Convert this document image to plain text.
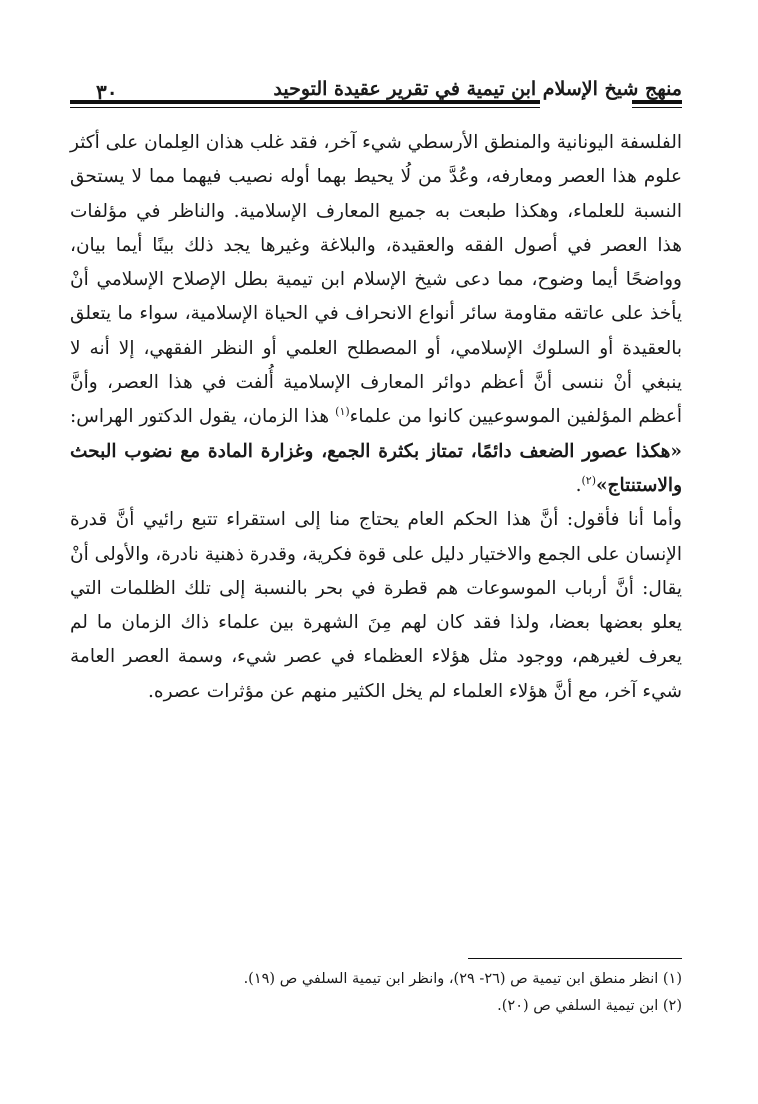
منهج شيخ الإسلام ابن تيمية في تقرير عقيدة التوحيد
٣٠

الفلسفة اليونانية والمنطق الأرسطي شيء آخر، فقد غلب هذان العِلمان على أكثر علوم هذا العصر ومعارفه، وعُدَّ من لُا يحيط بهما أوله نصيب فيهما مما لا يستحق النسبة للعلماء، وهكذا طبعت به جميع المعارف الإسلامية. والناظر في مؤلفات هذا العصر في أصول الفقه والعقيدة، والبلاغة وغيرها يجد ذلك بينًا أيما بيان، وواضحًا أيما وضوح، مما دعى شيخ الإسلام ابن تيمية بطل الإصلاح الإسلامي أنْ يأخذ على عاتقه مقاومة سائر أنواع الانحراف في الحياة الإسلامية، سواء ما يتعلق بالعقيدة أو السلوك الإسلامي، أو المصطلح العلمي أو النظر الفقهي، إلا أنه لا ينبغي أنْ ننسى أنَّ أعظم دوائر المعارف الإسلامية أُلفت في هذا العصر، وأنَّ أعظم المؤلفين الموسوعيين كانوا من علماء$^{(١)}$ هذا الزمان، يقول الدكتور الهراس: «هكذا عصور الضعف دائمًا، تمتاز بكثرة الجمع، وغزارة المادة مع نضوب البحث والاستنتاج»$^{(٢)}$.

وأما أنا فأقول: أنَّ هذا الحكم العام يحتاج منا إلى استقراء تتبع رائيي أنَّ قدرة الإنسان على الجمع والاختيار دليل على قوة فكرية، وقدرة ذهنية نادرة، والأولى أنْ يقال: أنَّ أرباب الموسوعات هم قطرة في بحر بالنسبة إلى تلك الظلمات التي يعلو بعضها بعضا، ولذا فقد كان لهم مِنَ الشهرة بين علماء ذاك الزمان ما لم يعرف لغيرهم، ووجود مثل هؤلاء العظماء في عصر شيء، وسمة العصر العامة شيء آخر، مع أنَّ هؤلاء العلماء لم يخل الكثير منهم عن مؤثرات عصره.

(١) انظر منطق ابن تيمية ص (٢٦- ٢٩)، وانظر ابن تيمية السلفي ص (١٩).
(٢) ابن تيمية السلفي ص (٢٠).
